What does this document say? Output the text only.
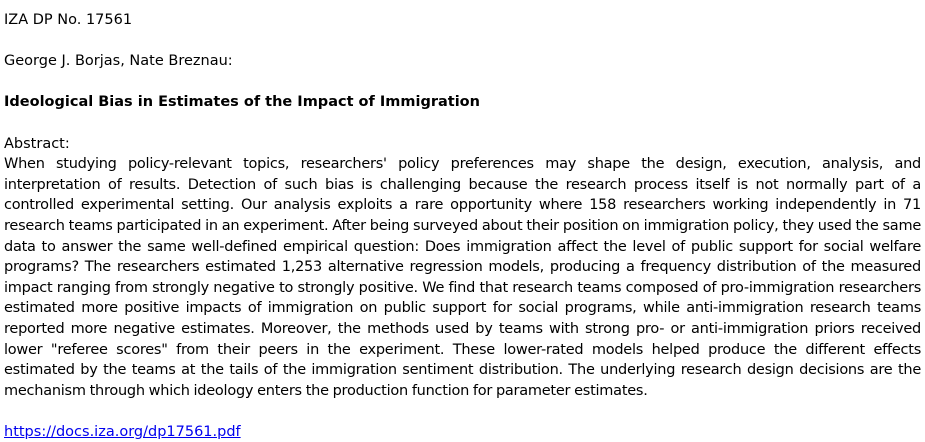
IZA DP No. 17561

George J. Borjas, Nate Breznau:

Ideological Bias in Estimates of the Impact of Immigration

Abstract:

When studying policy-relevant topics, researchers' policy preferences may shape the design, execution, analysis, and interpretation of results. Detection of such bias is challenging because the research process itself is not normally part of a controlled experimental setting. Our analysis exploits a rare opportunity where 158 researchers working independently in 71 research teams participated in an experiment. After being surveyed about their position on immigration policy, they used the same data to answer the same well-defined empirical question: Does immigration affect the level of public support for social welfare programs? The researchers estimated 1,253 alternative regression models, producing a frequency distribution of the measured impact ranging from strongly negative to strongly positive. We find that research teams composed of pro-immigration researchers estimated more positive impacts of immigration on public support for social programs, while anti-immigration research teams reported more negative estimates. Moreover, the methods used by teams with strong pro- or anti-immigration priors received lower "referee scores" from their peers in the experiment. These lower-rated models helped produce the different effects estimated by the teams at the tails of the immigration sentiment distribution. The underlying research design decisions are the mechanism through which ideology enters the production function for parameter estimates.

https://docs.iza.org/dp17561.pdf
